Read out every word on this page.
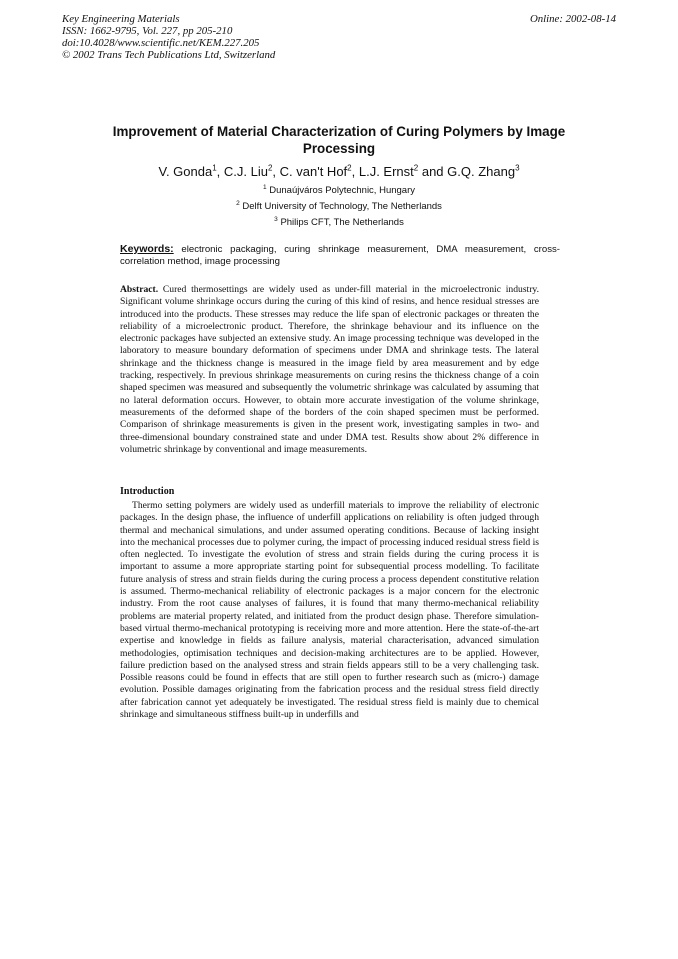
Key Engineering Materials
ISSN: 1662-9795, Vol. 227, pp 205-210
doi:10.4028/www.scientific.net/KEM.227.205
© 2002 Trans Tech Publications Ltd, Switzerland
Online: 2002-08-14
Improvement of Material Characterization of Curing Polymers by Image Processing
V. Gonda$^1$, C.J. Liu$^2$, C. van't Hof$^2$, L.J. Ernst$^2$ and G.Q. Zhang$^3$
$^1$ Dunaújváros Polytechnic, Hungary
$^2$ Delft University of Technology, The Netherlands
$^3$ Philips CFT, The Netherlands
Keywords: electronic packaging, curing shrinkage measurement, DMA measurement, cross-correlation method, image processing
Abstract. Cured thermosettings are widely used as under-fill material in the microelectronic industry. Significant volume shrinkage occurs during the curing of this kind of resins, and hence residual stresses are introduced into the products. These stresses may reduce the life span of electronic packages or threaten the reliability of a microelectronic product. Therefore, the shrinkage behaviour and its influence on the electronic packages have subjected an extensive study. An image processing technique was developed in the laboratory to measure boundary deformation of specimens under DMA and shrinkage tests. The lateral shrinkage and the thickness change is measured in the image field by area measurement and by edge tracking, respectively. In previous shrinkage measurements on curing resins the thickness change of a coin shaped specimen was measured and subsequently the volumetric shrinkage was calculated by assuming that no lateral deformation occurs. However, to obtain more accurate investigation of the volume shrinkage, measurements of the deformed shape of the borders of the coin shaped specimen must be performed. Comparison of shrinkage measurements is given in the present work, investigating samples in two- and three-dimensional boundary constrained state and under DMA test. Results show about 2% difference in volumetric shrinkage by conventional and image measurements.
Introduction
Thermo setting polymers are widely used as underfill materials to improve the reliability of electronic packages. In the design phase, the influence of underfill applications on reliability is often judged through thermal and mechanical simulations, and under assumed operating conditions. Because of lacking insight into the mechanical processes due to polymer curing, the impact of processing induced residual stress field is often neglected. To investigate the evolution of stress and strain fields during the curing process it is important to assume a more appropriate starting point for subsequential process modelling. To facilitate future analysis of stress and strain fields during the curing process a process dependent constitutive relation is assumed. Thermo-mechanical reliability of electronic packages is a major concern for the electronic industry. From the root cause analyses of failures, it is found that many thermo-mechanical reliability problems are material property related, and initiated from the product design phase. Therefore simulation-based virtual thermo-mechanical prototyping is receiving more and more attention. Here the state-of-the-art expertise and knowledge in fields as failure analysis, material characterisation, advanced simulation methodologies, optimisation techniques and decision-making architectures are to be applied. However, failure prediction based on the analysed stress and strain fields appears still to be a very challenging task. Possible reasons could be found in effects that are still open to further research such as (micro-) damage evolution. Possible damages originating from the fabrication process and the residual stress field directly after fabrication cannot yet adequately be investigated. The residual stress field is mainly due to chemical shrinkage and simultaneous stiffness built-up in underfills and
